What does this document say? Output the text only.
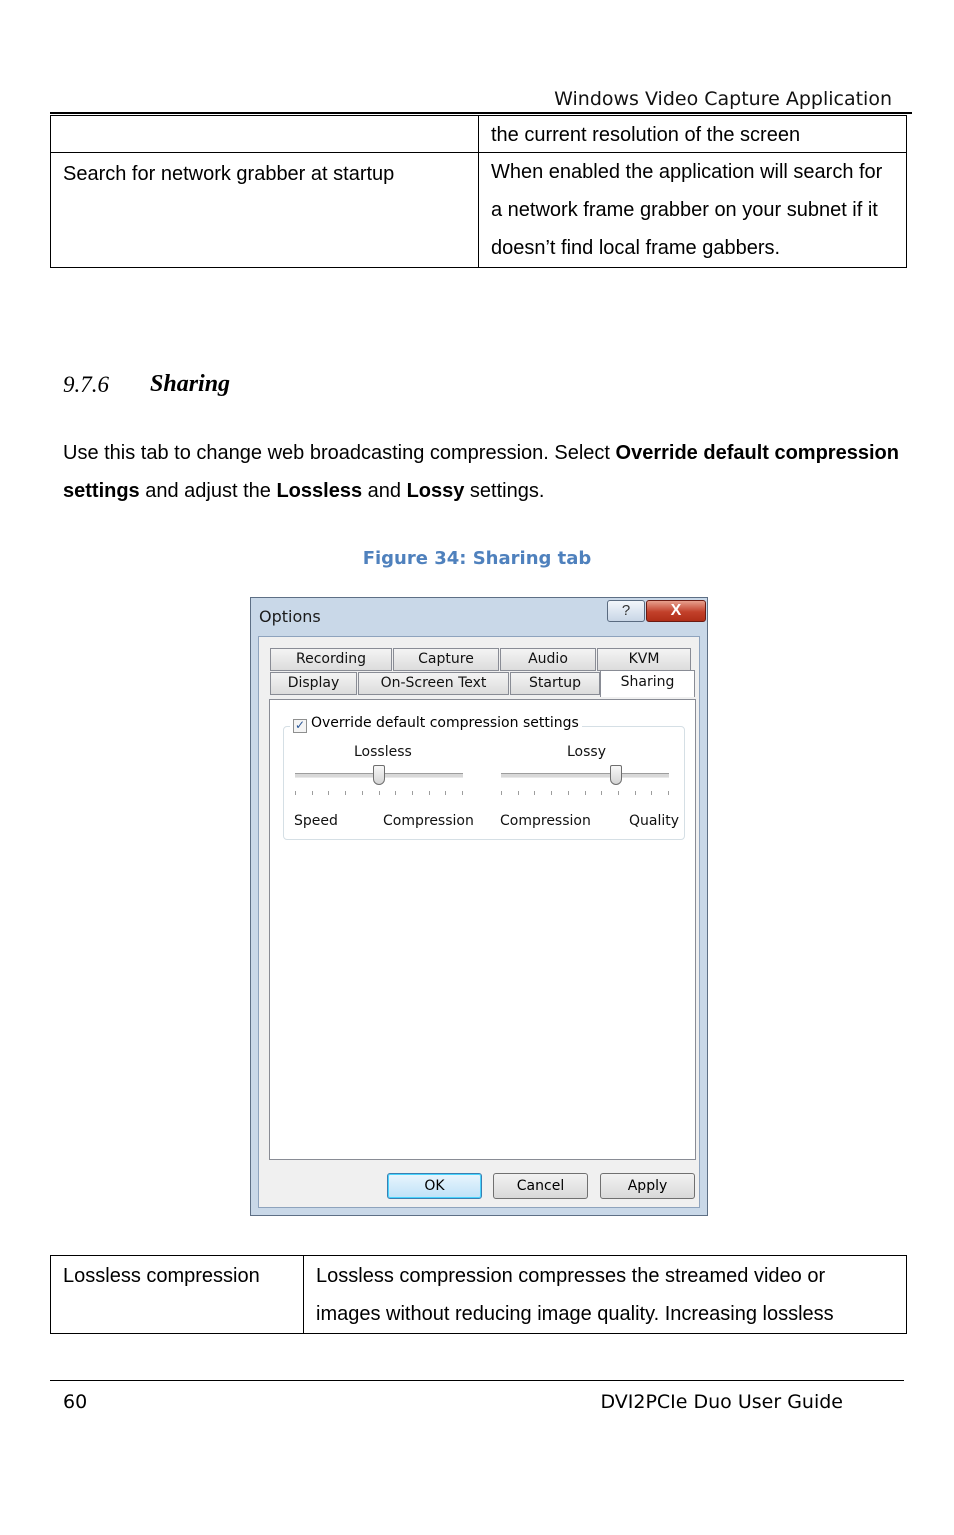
Windows Video Capture Application
	the current resolution of the screen
Search for network grabber at startup	When enabled the application will search for a network frame grabber on your subnet if it doesn’t find local frame gabbers.
9.7.6 Sharing
Use this tab to change web broadcasting compression. Select Override default compression settings and adjust the Lossless and Lossy settings.
Figure 34: Sharing tab
Options	?	X
Recording	Capture	Audio	KVM
Display	On-Screen Text	Startup
Lossless
Speed	Compression
Lossy
Compression	Quality
✓ Override default compression settings
Sharing
OK	Cancel	Apply
Lossless compression	Lossless compression compresses the streamed video or images without reducing image quality. Increasing lossless
60	DVI2PCIe Duo User Guide
